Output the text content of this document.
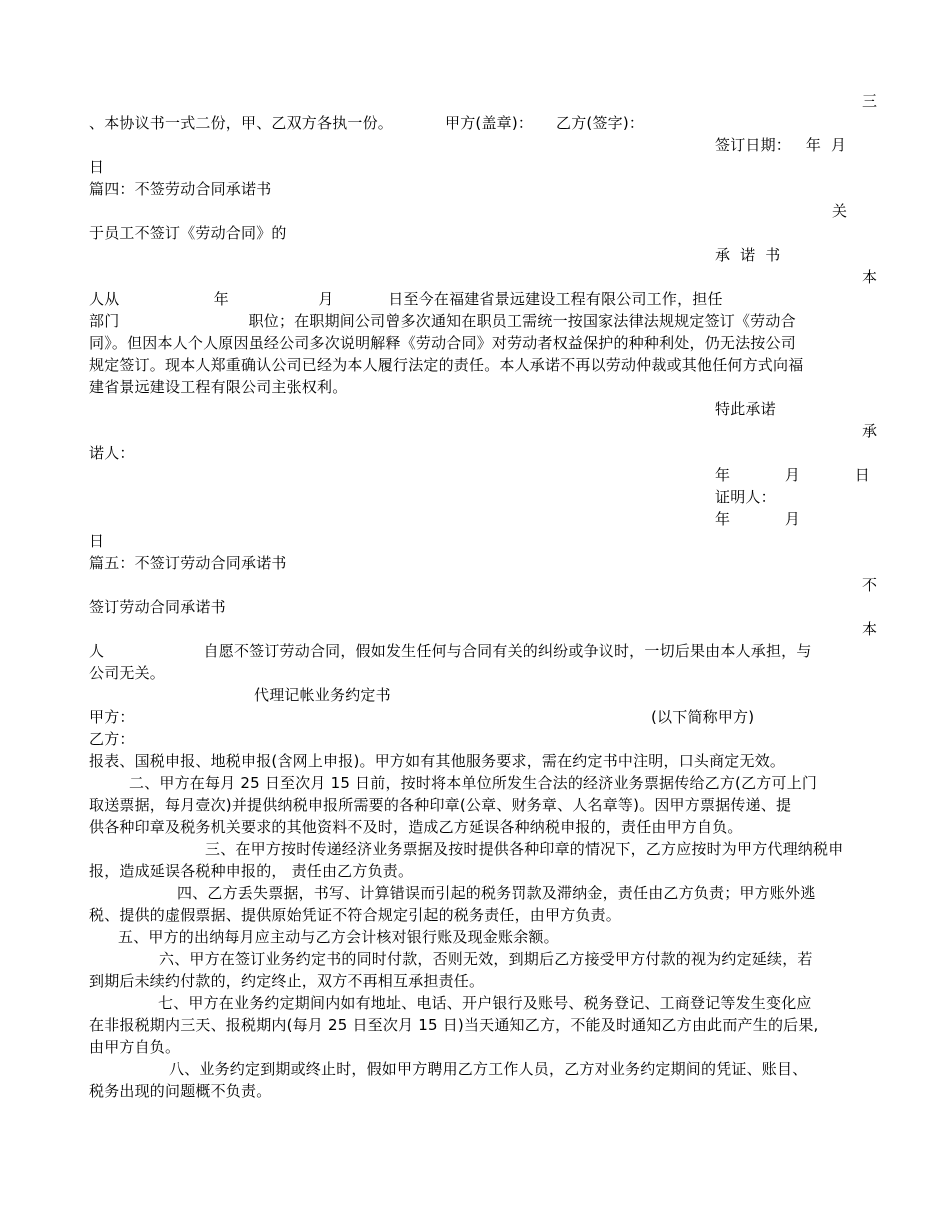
三
、本协议书一式二份，甲、乙双方各执一份。	甲方(盖章)： 乙方(签字)：
签订日期：   年  月
日
篇四：不签劳动合同承诺书
关
于员工不签订《劳动合同》的
承  诺  书
本
人从                   年                  月           日至今在福建省景远建设工程有限公司工作，担任
部门                          职位；在职期间公司曾多次通知在职员工需统一按国家法律法规规定签订《劳动合
同》。但因本人个人原因虽经公司多次说明解释《劳动合同》对劳动者权益保护的种种利处，仍无法按公司
规定签订。现本人郑重确认公司已经为本人履行法定的责任。本人承诺不再以劳动仲裁或其他任何方式向福
建省景远建设工程有限公司主张权利。
特此承诺
承
诺人：
年           月           日
证明人：
年           月
日
篇五：不签订劳动合同承诺书
不
签订劳动合同承诺书
本
人                    自愿不签订劳动合同，假如发生任何与合同有关的纠纷或争议时，一切后果由本人承担，与
公司无关。
代理记帐业务约定书
甲方：	(以下简称甲方)
乙方：
报表、国税申报、地税申报(含网上申报)。甲方如有其他服务要求，需在约定书中注明，口头商定无效。
二、甲方在每月 25 日至次月 15 日前，按时将本单位所发生合法的经济业务票据传给乙方(乙方可上门
取送票据，每月壹次)并提供纳税申报所需要的各种印章(公章、财务章、人名章等)。因甲方票据传递、提
供各种印章及税务机关要求的其他资料不及时，造成乙方延误各种纳税申报的，责任由甲方自负。
三、在甲方按时传递经济业务票据及按时提供各种印章的情况下，乙方应按时为甲方代理纳税申
报，造成延误各税种申报的， 责任由乙方负责。
四、乙方丢失票据，书写、计算错误而引起的税务罚款及滞纳金，责任由乙方负责；甲方账外逃
税、提供的虚假票据、提供原始凭证不符合规定引起的税务责任，由甲方负责。
五、甲方的出纳每月应主动与乙方会计核对银行账及现金账余额。
六、甲方在签订业务约定书的同时付款，否则无效，到期后乙方接受甲方付款的视为约定延续，若
到期后未续约付款的，约定终止，双方不再相互承担责任。
七、甲方在业务约定期间内如有地址、电话、开户银行及账号、税务登记、工商登记等发生变化应
在非报税期内三天、报税期内(每月 25 日至次月 15 日)当天通知乙方，不能及时通知乙方由此而产生的后果,
由甲方自负。
八、业务约定到期或终止时，假如甲方聘用乙方工作人员，乙方对业务约定期间的凭证、账目、
税务出现的问题概不负责。
